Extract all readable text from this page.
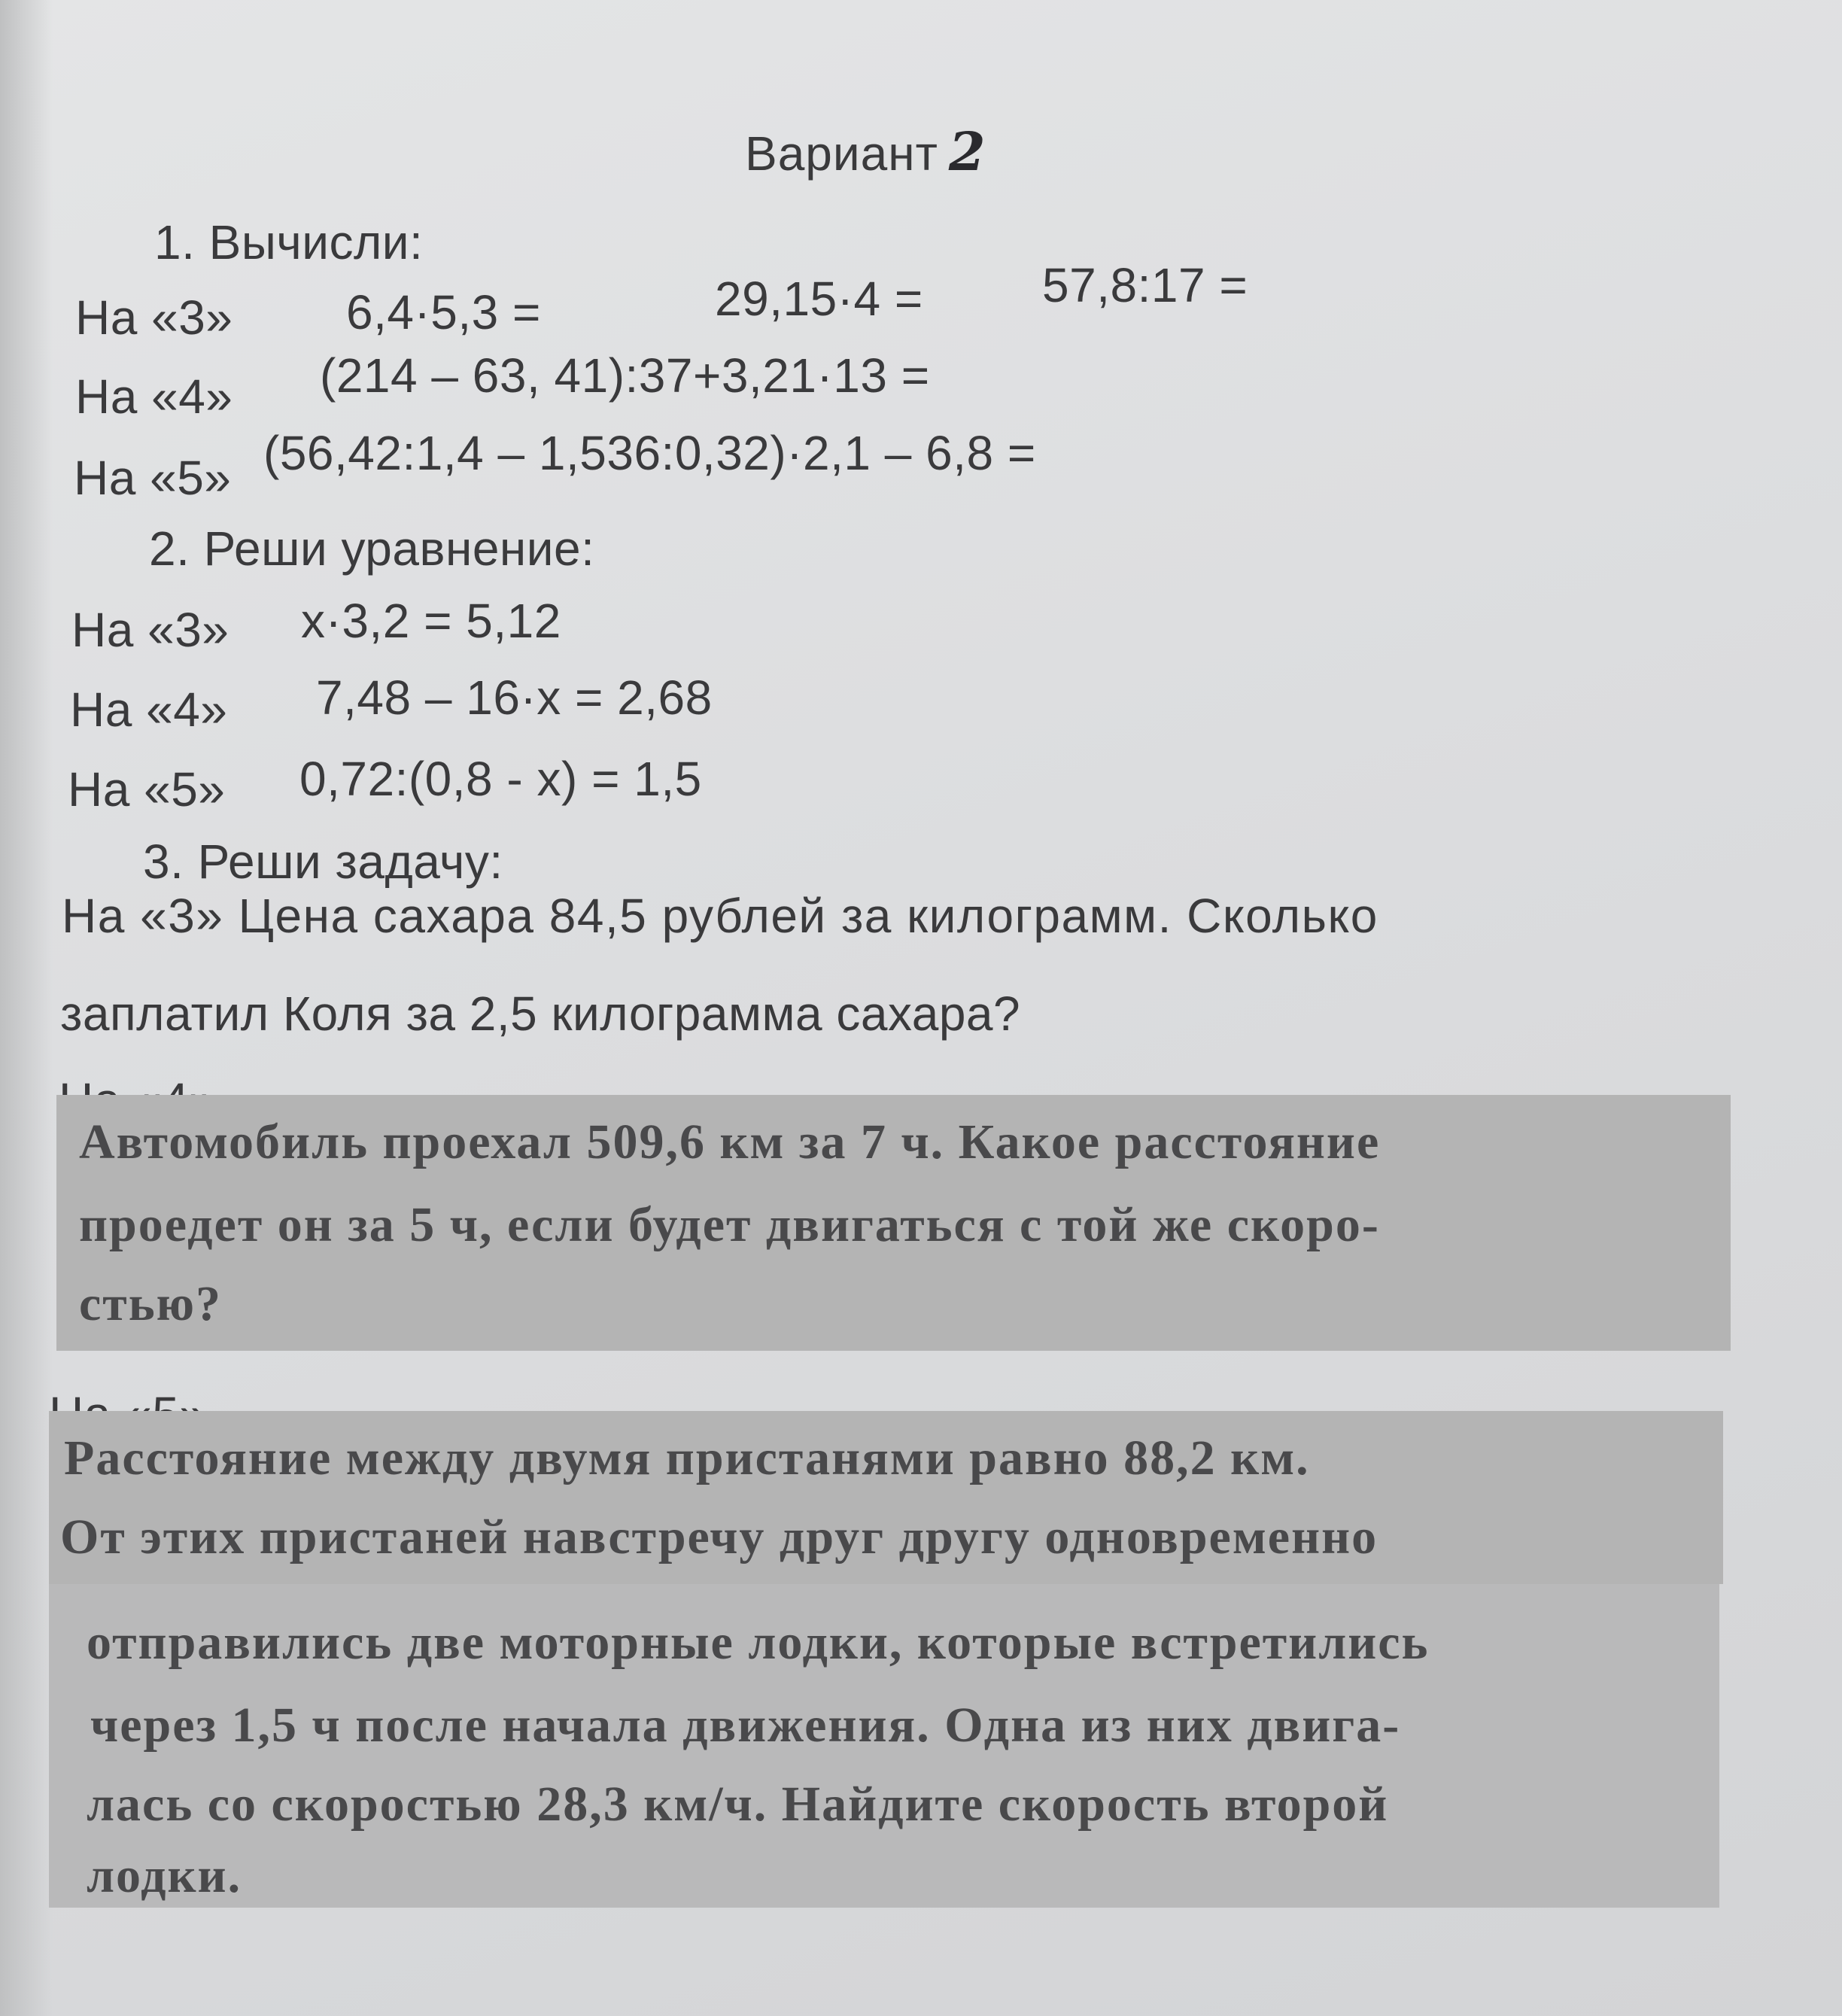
Вариант 2
1. Вычисли:
На «3» 6,4·5,3 =	29,15·4 = 57,8:17 =
На «4» (214 – 63, 41):37+3,21·13 =
На «5» (56,42:1,4 – 1,536:0,32)·2,1 – 6,8 =
2. Реши уравнение:
На «3» х·3,2 = 5,12
На «4» 7,48 – 16·х = 2,68
На «5» 0,72:(0,8 - х) = 1,5
3. Реши задачу:
На «3» Цена сахара 84,5 рублей за килограмм. Сколько
заплатил Коля за 2,5 килограмма сахара?
Автомобиль проехал 509,6 км за 7 ч. Какое расстояние
проедет он за 5 ч, если будет двигаться с той же скоро-
стью?
Расстояние между двумя пристанями равно 88,2 км.
От этих пристаней навстречу друг другу одновременно
отправились две моторные лодки, которые встретились
через 1,5 ч после начала движения. Одна из них двига-
лась со скоростью 28,3 км/ч. Найдите скорость второй
лодки.
